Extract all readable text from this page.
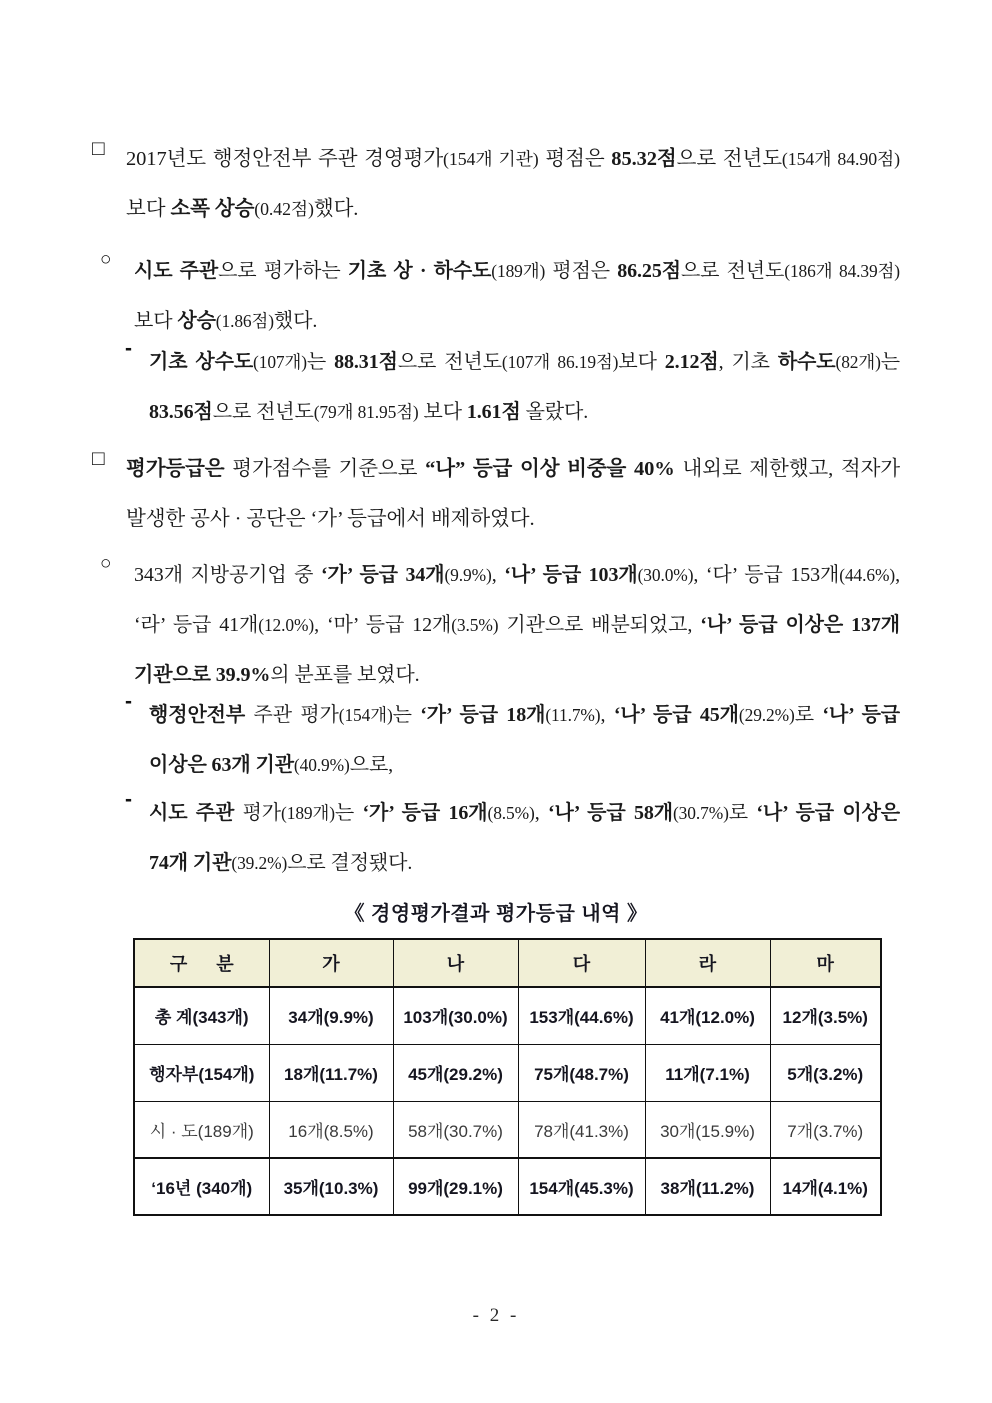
□	2017년도 행정안전부 주관 경영평가(154개 기관) 평점은 85.32점으로 전년도(154개 84.90점)보다 소폭 상승(0.42점)했다.
○
시도 주관으로 평가하는 기초 상 · 하수도(189개) 평점은 86.25점으로 전년도(186개 84.39점)보다 상승(1.86점)했다.
-
기초 상수도(107개)는 88.31점으로 전년도(107개 86.19점)보다 2.12점, 기초 하수도(82개)는 83.56점으로 전년도(79개 81.95점) 보다 1.61점 올랐다.
□	평가등급은 평가점수를 기준으로 “나” 등급 이상 비중을 40% 내외로 제한했고, 적자가 발생한 공사 · 공단은 ‘가’ 등급에서 배제하였다.
○
343개 지방공기업 중 ‘가’ 등급 34개(9.9%), ‘나’ 등급 103개(30.0%), ‘다’ 등급 153개(44.6%), ‘라’ 등급 41개(12.0%), ‘마’ 등급 12개(3.5%) 기관으로 배분되었고, ‘나’ 등급 이상은 137개 기관으로 39.9%의 분포를 보였다.
-
행정안전부 주관 평가(154개)는 ‘가’ 등급 18개(11.7%), ‘나’ 등급 45개(29.2%)로 ‘나’ 등급 이상은 63개 기관(40.9%)으로,
-
시도 주관 평가(189개)는 ‘가’ 등급 16개(8.5%), ‘나’ 등급 58개(30.7%)로 ‘나’ 등급 이상은 74개 기관(39.2%)으로 결정됐다.
《 경영평가결과 평가등급 내역 》
구 분	가	나	다	라	마
총 계(343개)	34개(9.9%)	103개(30.0%)	153개(44.6%)	41개(12.0%)	12개(3.5%)
행자부(154개)	18개(11.7%)	45개(29.2%)	75개(48.7%)	11개(7.1%)	5개(3.2%)
시 · 도(189개)	16개(8.5%)	58개(30.7%)	78개(41.3%)	30개(15.9%)	7개(3.7%)
‘16년 (340개)	35개(10.3%)	99개(29.1%)	154개(45.3%)	38개(11.2%)	14개(4.1%)
- 2 -
